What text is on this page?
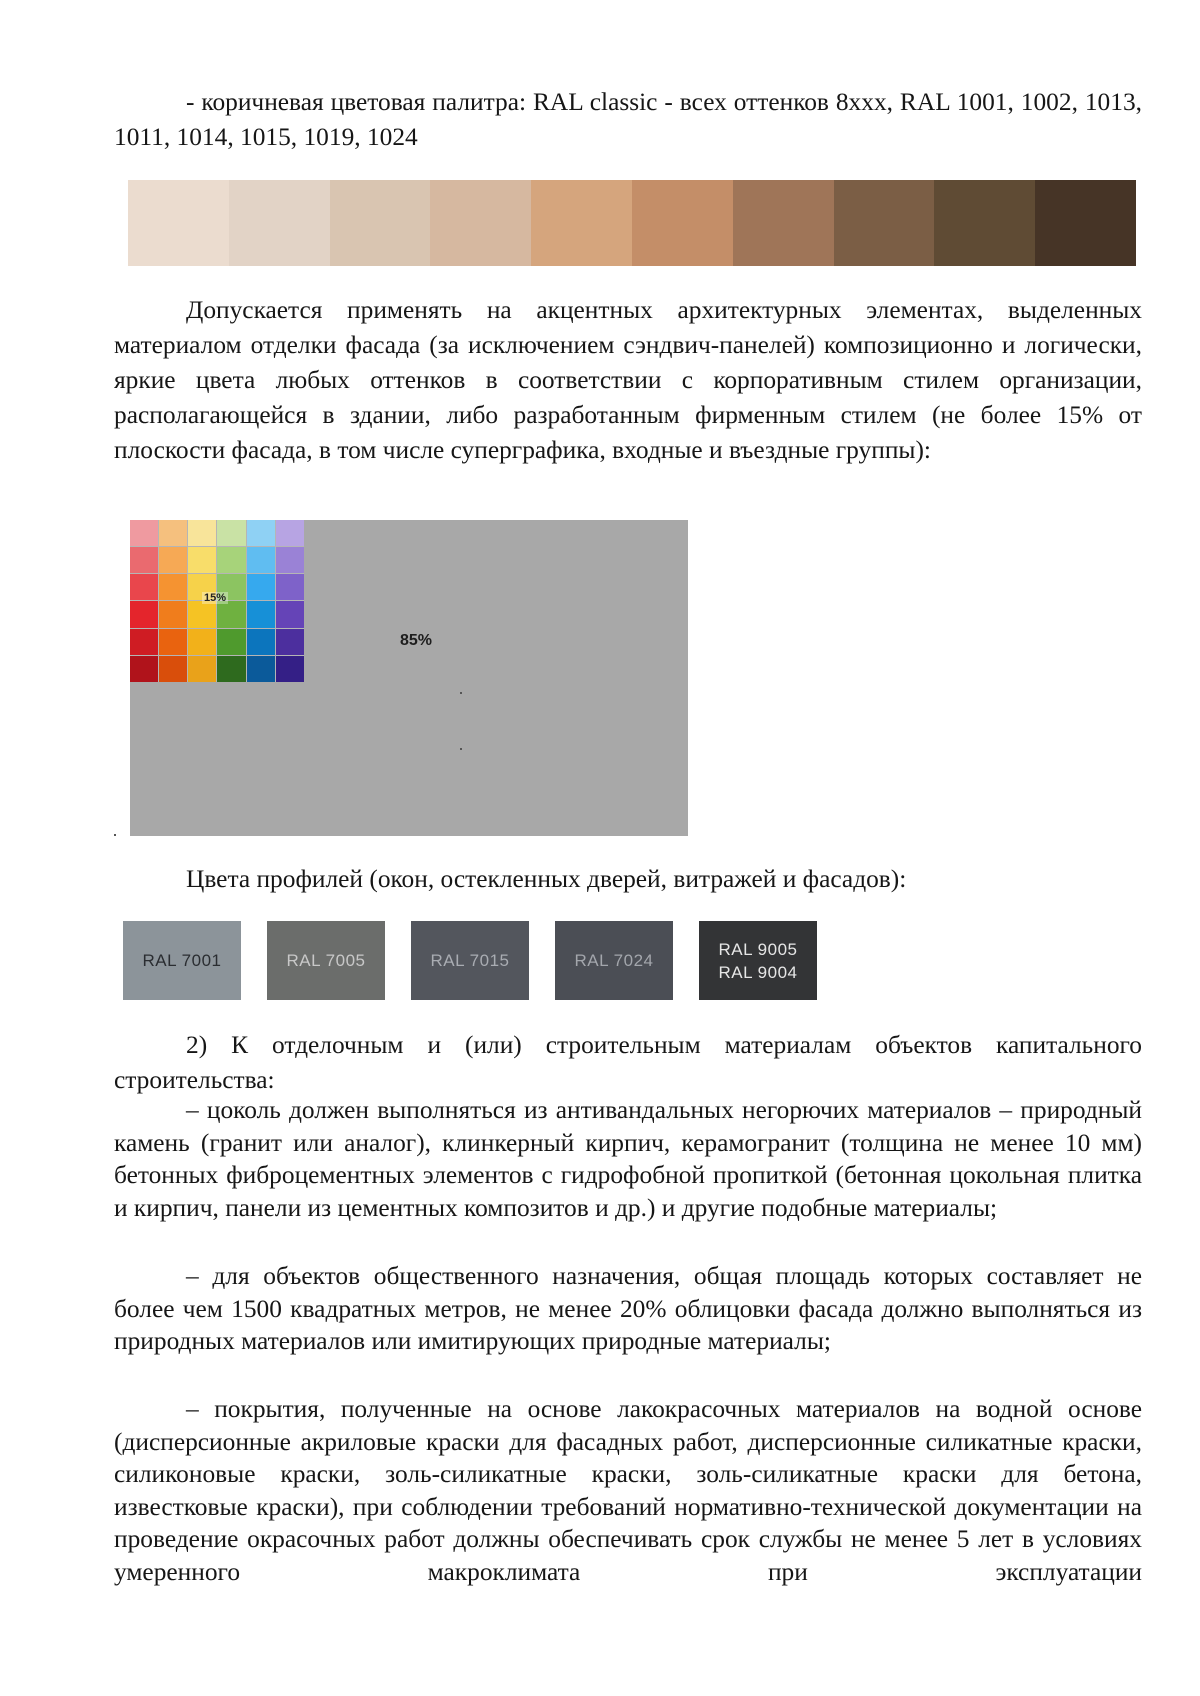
- коричневая цветовая палитра: RAL classic - всех оттенков 8xxx, RAL 1001, 1002, 1013, 1011, 1014, 1015, 1019, 1024

Допускается применять на акцентных архитектурных элементах, выделенных материалом отделки фасада (за исключением сэндвич-панелей) композиционно и логически, яркие цвета любых оттенков в соответствии с корпоративным стилем организации, располагающейся в здании, либо разработанным фирменным стилем (не более 15% от плоскости фасада, в том числе суперграфика, входные и въездные группы):

15%
85%

Цвета профилей (окон, остекленных дверей, витражей и фасадов):

RAL 7001	RAL 7005	RAL 7015	RAL 7024
RAL 9005
RAL 9004

2) К отделочным и (или) строительным материалам объектов капитального строительства:

– цоколь должен выполняться из антивандальных негорючих материалов – природный камень (гранит или аналог), клинкерный кирпич, керамогранит (толщина не менее 10 мм) бетонных фиброцементных элементов с гидрофобной пропиткой (бетонная цокольная плитка и кирпич, панели из цементных композитов и др.) и другие подобные материалы;

– для объектов общественного назначения, общая площадь которых составляет не более чем 1500 квадратных метров, не менее 20% облицовки фасада должно выполняться из природных материалов или имитирующих природные материалы;

– покрытия, полученные на основе лакокрасочных материалов на водной основе (дисперсионные акриловые краски для фасадных работ, дисперсионные силикатные краски, силиконовые краски, золь-силикатные краски, золь-силикатные краски для бетона, известковые краски), при соблюдении требований нормативно-технической документации на проведение окрасочных работ должны обеспечивать срок службы не менее 5 лет в условиях умеренного макроклимата при эксплуатации
